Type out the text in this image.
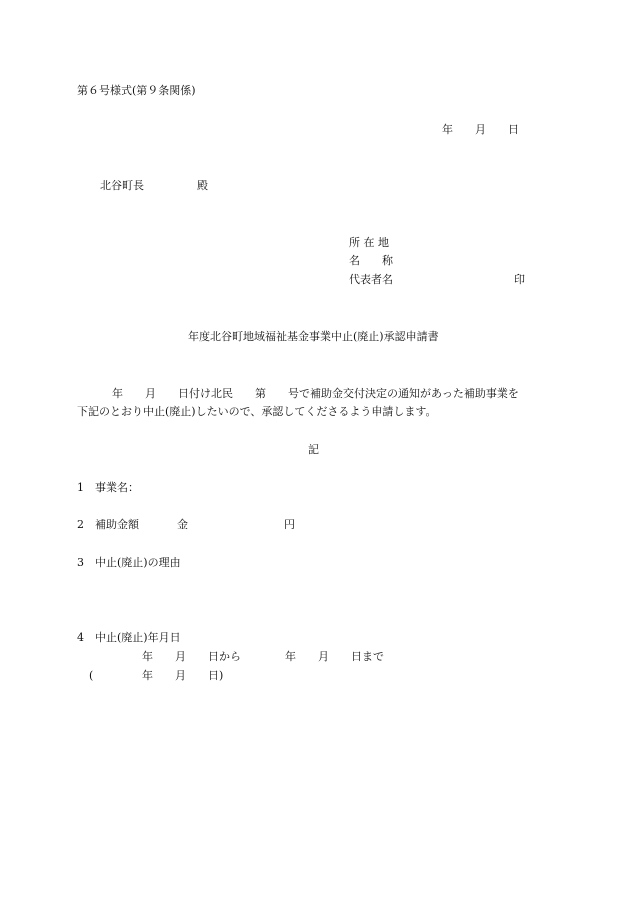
第６号様式(第９条関係)
年　　月　　日
北谷町長	殿
所 在 地
名　　称
代表者名	印
年度北谷町地域福祉基金事業中止(廃止)承認申請書
年　　月　　日付け北民　　第　　号で補助金交付決定の通知があった補助事業を
下記のとおり中止(廃止)したいので、承認してくださるよう申請します。
記
1　事業名：
2　補助金額	金	円
3　中止(廃止)の理由
4　中止(廃止)年月日
年　　月　　日から　　　　年　　月　　日まで
(	年　　月　　日)
